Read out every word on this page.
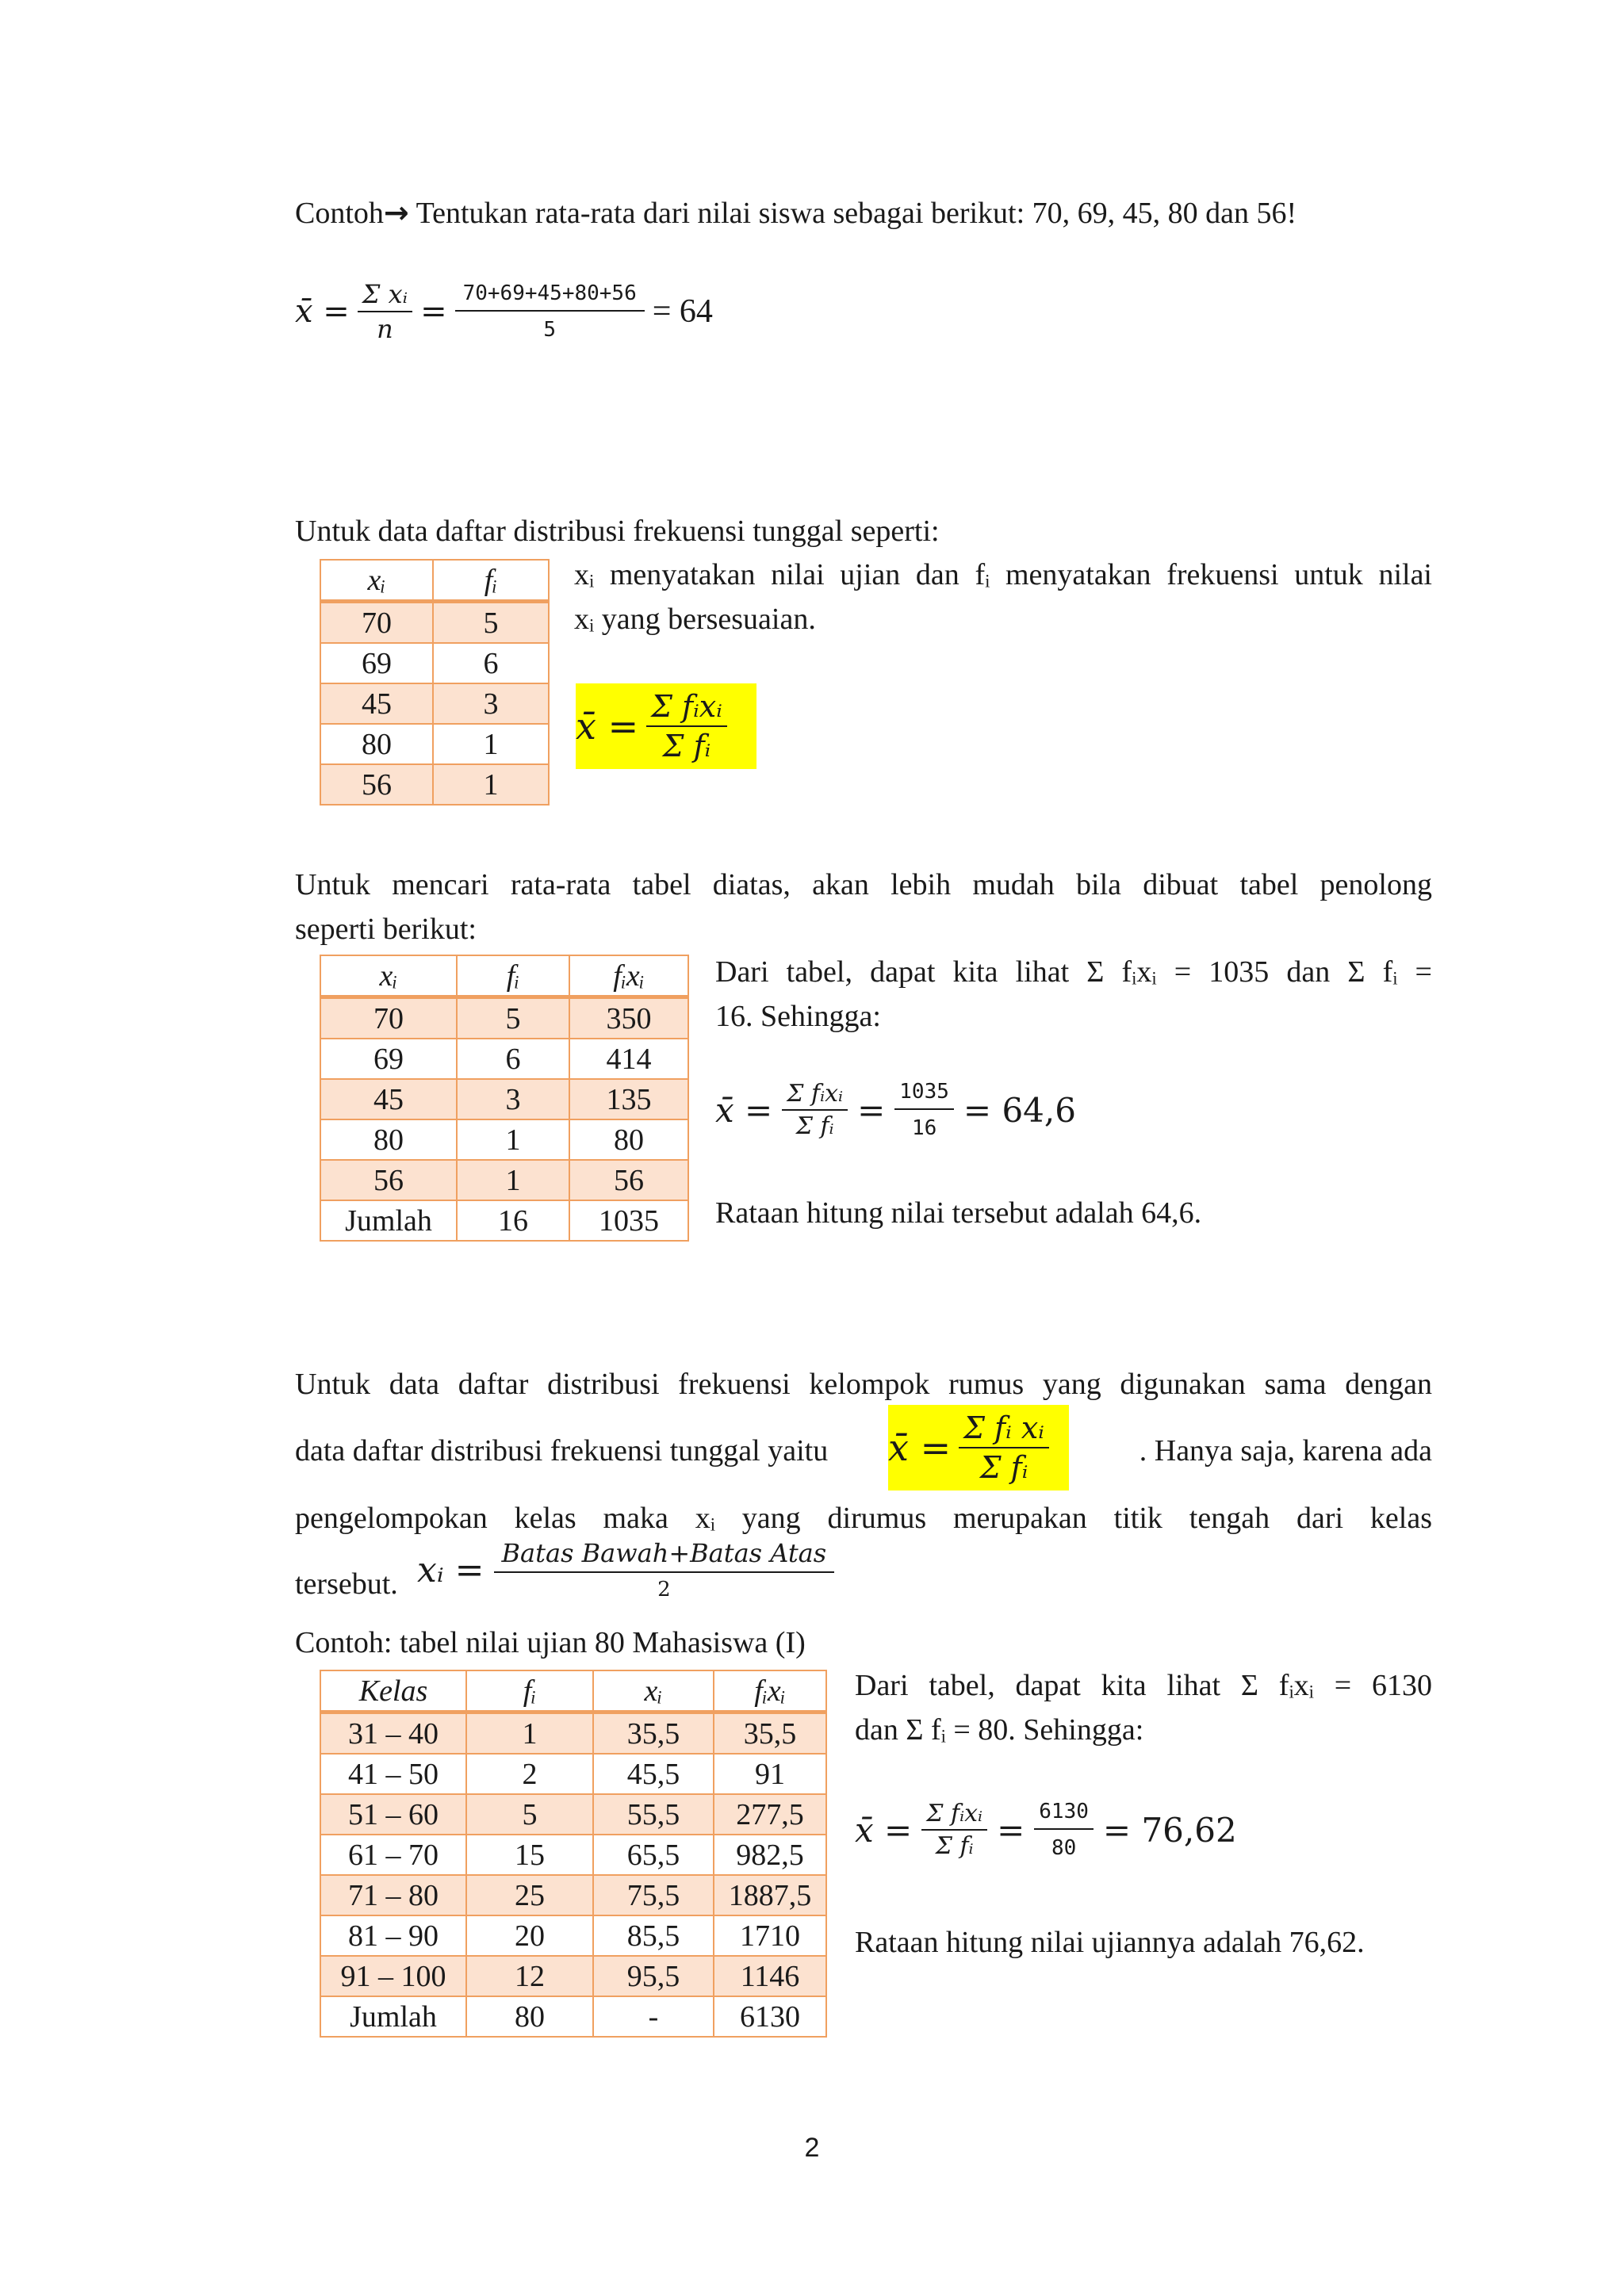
Contoh→ Tentukan rata-rata dari nilai siswa sebagai berikut: 70, 69, 45, 80 dan 56!
x̄ = $\frac{\text{Σ xᵢ}}{n} = \frac{70+69+45+80+56}{5} = 64$
Untuk data daftar distribusi frekuensi tunggal seperti:
xᵢ	fᵢ
70	5
69	6
45	3
80	1
56	1
xᵢ menyatakan nilai ujian dan fᵢ menyatakan frekuensi untuk nilai
xᵢ yang bersesuaian.
x̄ = $\frac{\text{Σ fᵢxᵢ}}{\text{Σ fᵢ}}$
Untuk mencari rata-rata tabel diatas, akan lebih mudah bila dibuat tabel penolong
seperti berikut:
xᵢ	fᵢ	fᵢxᵢ
70	5	350
69	6	414
45	3	135
80	1	80
56	1	56
Jumlah	16	1035
Dari tabel, dapat kita lihat Σ fᵢxᵢ = 1035 dan Σ fᵢ =
16. Sehingga:
x̄ = $\frac{\text{Σ fᵢxᵢ}}{\text{Σ fᵢ}} = \frac{1035}{16} = 64,6$
Rataan hitung nilai tersebut adalah 64,6.
Untuk data daftar distribusi frekuensi kelompok rumus yang digunakan sama dengan
data daftar distribusi frekuensi tunggal yaitu x̄ = $\frac{\text{Σ fᵢ xᵢ}}{\text{Σ fᵢ}}$	. Hanya saja, karena ada
pengelompokan kelas maka xᵢ yang dirumus merupakan titik tengah dari kelas
tersebut. xᵢ = $\frac{\text{Batas Bawah+Batas Atas}}{2}$
Contoh: tabel nilai ujian 80 Mahasiswa (I)
Kelas	fᵢ	xᵢ	fᵢxᵢ
31 – 40	1	35,5	35,5
41 – 50	2	45,5	91
51 – 60	5	55,5	277,5
61 – 70	15	65,5	982,5
71 – 80	25	75,5	1887,5
81 – 90	20	85,5	1710
91 – 100	12	95,5	1146
Jumlah	80	-	6130
Dari tabel, dapat kita lihat Σ fᵢxᵢ = 6130
dan Σ fᵢ = 80. Sehingga:
x̄ = $\frac{\text{Σ fᵢxᵢ}}{\text{Σ fᵢ}} = \frac{6130}{80} = 76,62$
Rataan hitung nilai ujiannya adalah 76,62.
2
